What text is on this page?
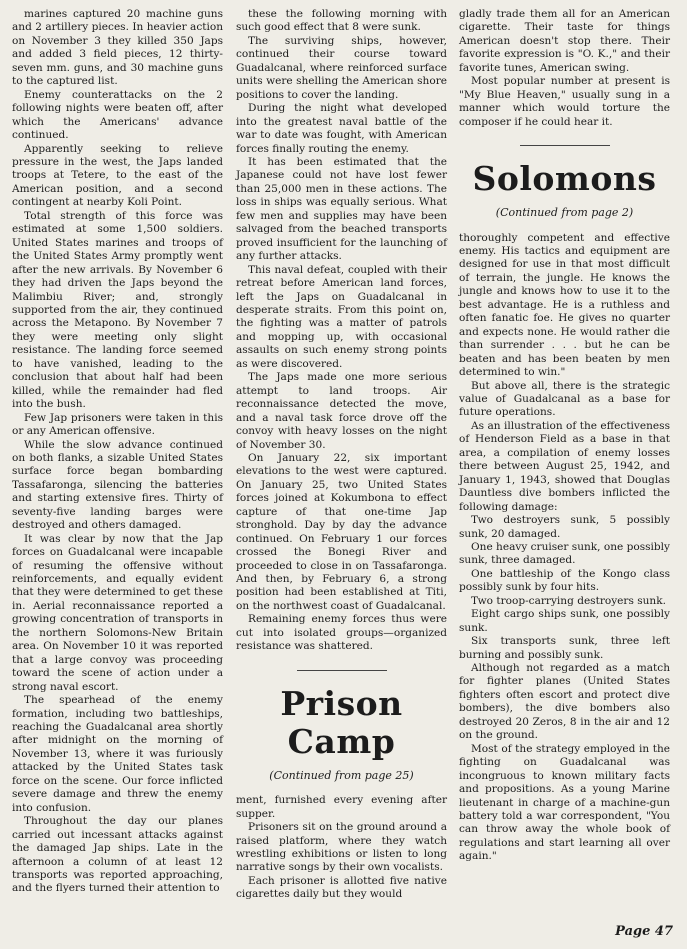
marines captured 20 machine guns and 2 artillery pieces. In heavier action on November 3 they killed 350 Japs and added 3 field pieces, 12 thirty-seven mm. guns, and 30 machine guns to the captured list.

Enemy counterattacks on the 2 following nights were beaten off, after which the Americans' advance continued.

Apparently seeking to relieve pressure in the west, the Japs landed troops at Tetere, to the east of the American position, and a second contingent at nearby Koli Point.

Total strength of this force was estimated at some 1,500 soldiers. United States marines and troops of the United States Army promptly went after the new arrivals. By November 6 they had driven the Japs beyond the Malimbiu River; and, strongly supported from the air, they continued across the Metapono. By November 7 they were meeting only slight resistance. The landing force seemed to have vanished, leading to the conclusion that about half had been killed, while the remainder had fled into the bush.

Few Jap prisoners were taken in this or any American offensive.

While the slow advance continued on both flanks, a sizable United States surface force began bombarding Tassafaronga, silencing the batteries and starting extensive fires. Thirty of seventy-five landing barges were destroyed and others damaged.

It was clear by now that the Jap forces on Guadalcanal were incapable of resuming the offensive without reinforcements, and equally evident that they were determined to get these in. Aerial reconnaissance reported a growing concentration of transports in the northern Solomons-New Britain area. On November 10 it was reported that a large convoy was proceeding toward the scene of action under a strong naval escort.

The spearhead of the enemy formation, including two battleships, reaching the Guadalcanal area shortly after midnight on the morning of November 13, where it was furiously attacked by the United States task force on the scene. Our force inflicted severe damage and threw the enemy into confusion.

Throughout the day our planes carried out incessant attacks against the damaged Jap ships. Late in the afternoon a column of at least 12 transports was reported approaching, and the flyers turned their attention to

these the following morning with such good effect that 8 were sunk.

The surviving ships, however, continued their course toward Guadalcanal, where reinforced surface units were shelling the American shore positions to cover the landing.

During the night what developed into the greatest naval battle of the war to date was fought, with American forces finally routing the enemy.

It has been estimated that the Japanese could not have lost fewer than 25,000 men in these actions. The loss in ships was equally serious. What few men and supplies may have been salvaged from the beached transports proved insufficient for the launching of any further attacks.

This naval defeat, coupled with their retreat before American land forces, left the Japs on Guadalcanal in desperate straits. From this point on, the fighting was a matter of patrols and mopping up, with occasional assaults on such enemy strong points as were discovered.

The Japs made one more serious attempt to land troops. Air reconnaissance detected the move, and a naval task force drove off the convoy with heavy losses on the night of November 30.

On January 22, six important elevations to the west were captured. On January 25, two United States forces joined at Kokumbona to effect capture of that one-time Jap stronghold. Day by day the advance continued. On February 1 our forces crossed the Bonegi River and proceeded to close in on Tassafaronga. And then, by February 6, a strong position had been established at Titi, on the northwest coast of Guadalcanal.

Remaining enemy forces thus were cut into isolated groups—organized resistance was shattered.

Prison Camp
(Continued from page 25)

ment, furnished every evening after supper.

Prisoners sit on the ground around a raised platform, where they watch wrestling exhibitions or listen to long narrative songs by their own vocalists.

Each prisoner is allotted five native cigarettes daily but they would

gladly trade them all for an American cigarette. Their taste for things American doesn't stop there. Their favorite expression is "O. K.," and their favorite tunes, American swing.

Most popular number at present is "My Blue Heaven," usually sung in a manner which would torture the composer if he could hear it.

Solomons
(Continued from page 2)

thoroughly competent and effective enemy. His tactics and equipment are designed for use in that most difficult of terrain, the jungle. He knows the jungle and knows how to use it to the best advantage. He is a ruthless and often fanatic foe. He gives no quarter and expects none. He would rather die than surrender . . . but he can be beaten and has been beaten by men determined to win."

But above all, there is the strategic value of Guadalcanal as a base for future operations.

As an illustration of the effectiveness of Henderson Field as a base in that area, a compilation of enemy losses there between August 25, 1942, and January 1, 1943, showed that Douglas Dauntless dive bombers inflicted the following damage:

Two destroyers sunk, 5 possibly sunk, 20 damaged.

One heavy cruiser sunk, one possibly sunk, three damaged.

One battleship of the Kongo class possibly sunk by four hits.

Two troop-carrying destroyers sunk.

Eight cargo ships sunk, one possibly sunk.

Six transports sunk, three left burning and possibly sunk.

Although not regarded as a match for fighter planes (United States fighters often escort and protect dive bombers), the dive bombers also destroyed 20 Zeros, 8 in the air and 12 on the ground.

Most of the strategy employed in the fighting on Guadalcanal was incongruous to known military facts and propositions. As a young Marine lieutenant in charge of a machine-gun battery told a war correspondent, "You can throw away the whole book of regulations and start learning all over again."

Page 47
